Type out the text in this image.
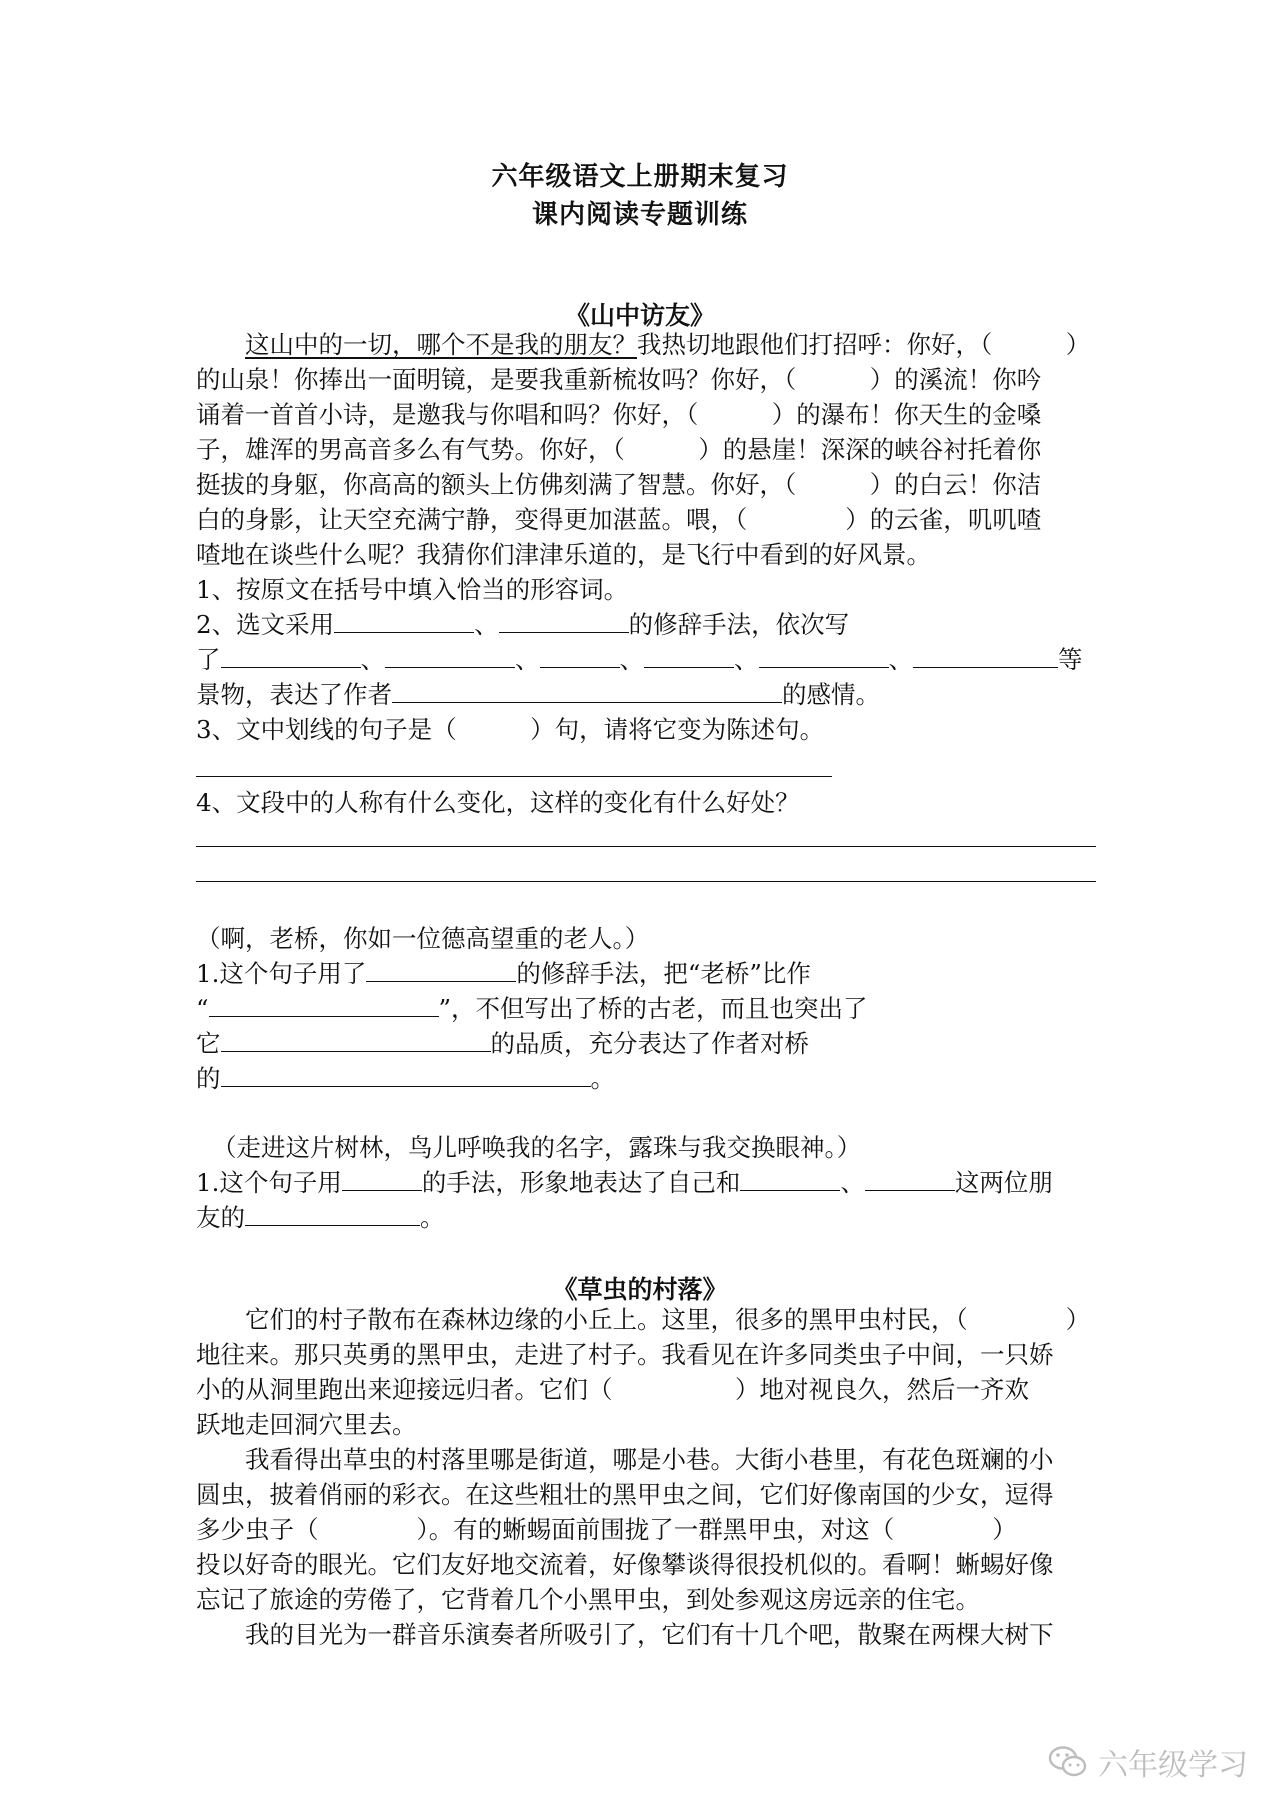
六年级语文上册期末复习
课内阅读专题训练
《山中访友》
这山中的一切，哪个不是我的朋友？我热切地跟他们打招呼：你好，（　　　）
的山泉！你捧出一面明镜，是要我重新梳妆吗？你好，（　　　）的溪流！你吟
诵着一首首小诗，是邀我与你唱和吗？你好，（　　　）的瀑布！你天生的金嗓
子，雄浑的男高音多么有气势。你好，（　　　）的悬崖！深深的峡谷衬托着你
挺拔的身躯，你高高的额头上仿佛刻满了智慧。你好，（　　　）的白云！你洁
白的身影，让天空充满宁静，变得更加湛蓝。喂，（　　　　）的云雀，叽叽喳
喳地在谈些什么呢？我猜你们津津乐道的，是飞行中看到的好风景。
1、按原文在括号中填入恰当的形容词。
2、选文采用	、	的修辞手法，依次写
了	、	、	、	、	、	等
景物，表达了作者	的感情。
3、文中划线的句子是（　　　）句，请将它变为陈述句。
4、文段中的人称有什么变化，这样的变化有什么好处？
（啊，老桥，你如一位德高望重的老人。）
1.这个句子用了	的修辞手法，把“老桥”比作
“	”，不但写出了桥的古老，而且也突出了
它	的品质，充分表达了作者对桥
的	。
（走进这片树林，鸟儿呼唤我的名字，露珠与我交换眼神。）
1.这个句子用	的手法，形象地表达了自己和	、	这两位朋
友的	。
《草虫的村落》
它们的村子散布在森林边缘的小丘上。这里，很多的黑甲虫村民，（　　　　）
地往来。那只英勇的黑甲虫，走进了村子。我看见在许多同类虫子中间，一只娇
小的从洞里跑出来迎接远归者。它们（　　　　　）地对视良久，然后一齐欢
跃地走回洞穴里去。
我看得出草虫的村落里哪是街道，哪是小巷。大街小巷里，有花色斑斓的小
圆虫，披着俏丽的彩衣。在这些粗壮的黑甲虫之间，它们好像南国的少女，逗得
多少虫子（　　　　）。有的蜥蜴面前围拢了一群黑甲虫，对这（　　　　）
投以好奇的眼光。它们友好地交流着，好像攀谈得很投机似的。看啊！蜥蜴好像
忘记了旅途的劳倦了，它背着几个小黑甲虫，到处参观这房远亲的住宅。
我的目光为一群音乐演奏者所吸引了，它们有十几个吧，散聚在两棵大树下
六年级学习
